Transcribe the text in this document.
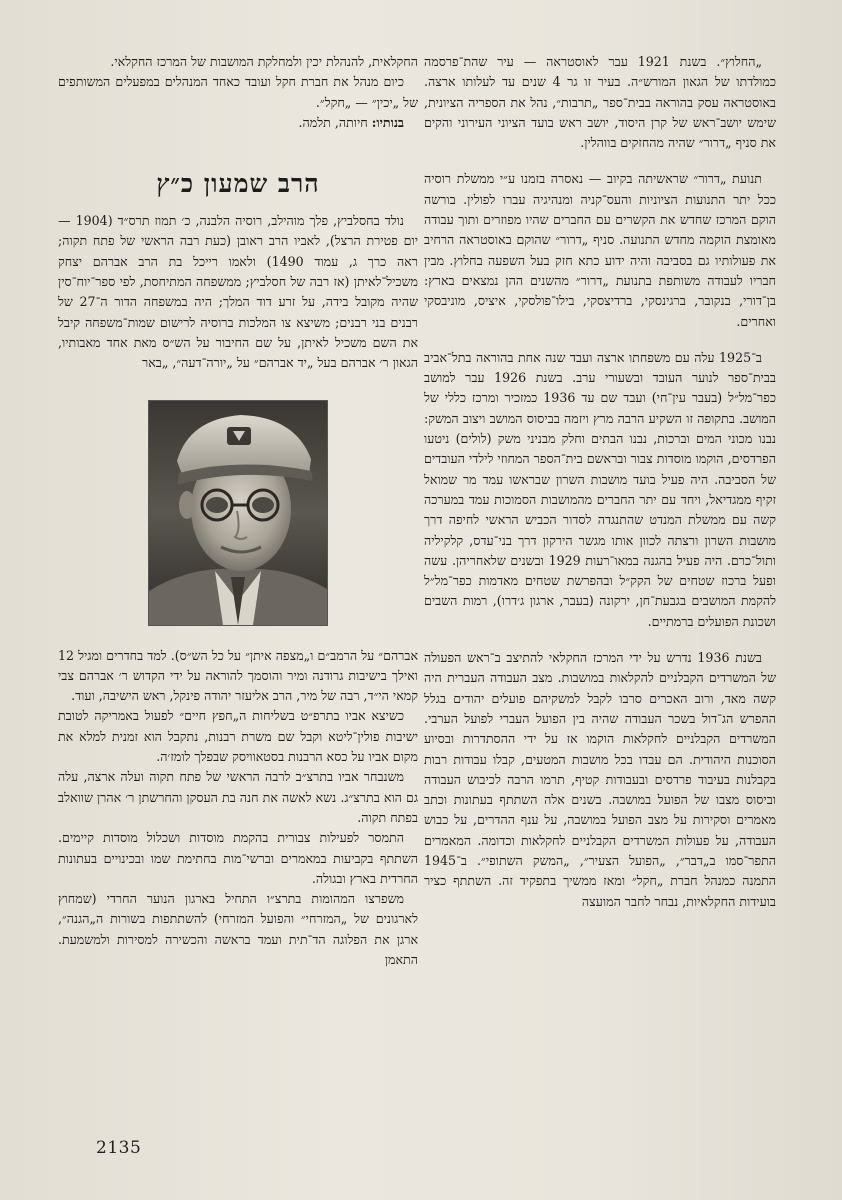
„החלוץ״. בשנת 1921 עבר לאוסטראה — עיר שהת־פרסמה כמולדתו של הגאון המורש״ה. בעיר זו גר 4 שנים עד לעלותו ארצה. באוסטראה עסק בהוראה בבית־ספר „תרבות״, נהל את הספריה הציונית, שימש יושב־ראש של קרן היסוד, יושב ראש בועד הציוני העירוני והקים את סניף „דרור״ שהיה מהחזקים בווהלין.

תנועת „דרור״ שראשיתה בקיוב — נאסרה בזמנו ע״י ממשלת רוסיה ככל יתר התנועות הציוניות והעס־קניה ומנהיגיה עברו לפולין. בורשה הוקם המרכז שחדש את הקשרים עם החברים שהיו מפוזרים ותוך עבודה מאומצת הוקמה מחדש התנועה. סניף „דרור״ שהוקם באוסטראה הרחיב את פעולותיו גם בסביבה והיה ידוע כתא חזק בעל השפעה בחלוץ. מבין חבריו לעבודה משותפת בתנועת „דרור״ מהשנים ההן נמצאים בארץ: בן־דורי, בנקובר, ברגינסקי, ברדיצסקי, בילו־פולסקי, איציס, מוניבסקי ואחרים.

ב־1925 עלה עם משפחתו ארצה ועבד שנה אחת בהוראה בתל־אביב בבית־ספר לנוער העובד ובשעורי ערב. בשנת 1926 עבר למושב כפר־מל״ל (בעבר עין־חי) ועבד שם עד 1936 כמזכיר ומרכז כללי של המושב. בתקופה זו השקיע הרבה מרץ ויזמה בביסוס המושב ויצוב המשק: נבנו מכוני המים וברכות, נבנו הבתים וחלק מבניני משק (לולים) ניטעו הפרדסים, הוקמו מוסדות צבור ובראשם בית־הספר המחוזי לילדי העובדים של הסביבה. היה פעיל בועד מושבות השרון שבראשו עמד מר שמואל זקיף ממגדיאל, ויחד עם יתר החברים מהמושבות הסמוכות עמד במערכה קשה עם ממשלת המנדט שהתנגדה לסדור הכביש הראשי לחיפה דרך מושבות השרון ורצתה לכוון אותו מגשר הירקון דרך בני־עדס, קלקיליה ותול־כרם. היה פעיל בהגנה במאו־רעות 1929 ובשנים שלאחריהן. עשה ופעל ברכוז שטחים של הקק״ל ובהפרשת שטחים מאדמות כפר־מל״ל להקמת המושבים בגבעת־חן, ירקונה (בעבר, ארגון ג׳דרו), רמות השבים ושכונת הפועלים ברמתיים.

בשנת 1936 נדרש על ידי המרכז החקלאי להתיצב ב־ראש הפעולה של המשרדים הקבלניים להקלאות במושבות. מצב העבודה העברית היה קשה מאד, ורוב האכרים סרבו לקבל למשקיהם פועלים יהודים בגלל ההפרש הג־דול בשכר העבודה שהיה בין הפועל העברי לפועל הערבי. המשרדים הקבלניים לחקלאות הוקמו אז על ידי ההסתדרות ובסיוע הסוכנות היהודית. הם עבדו בכל מושבות המטעים, קבלו עבודות רבות בקבלנות בעיבוד פרדסים ובעבודות קטיף, תרמו הרבה לכיבוש העבודה וביסוס מצבו של הפועל במושבה. בשנים אלה השתתף בעתונות וכתב מאמרים וסקירות על מצב הפועל במושבה, על ענף ההדרים, על כבוש העבודה, על פעולות המשרדים הקבלניים לחקלאות וכדומה. המאמרים התפר־סמו ב„דבר״, „הפועל הצעיר״, „המשק השתופי״. ב־1945 התמנה כמנהל חברת „חקל״ ומאז ממשיך בתפקיד זה. השתתף כציר בועידות החקלאיות, נבחר לחבר המועצה

החקלאית, להנהלת יכין ולמחלקת המושבות של המרכז החקלאי.

כיום מנהל את חברת חקל ועובד כאחד המנהלים במפעלים המשותפים של „יכין״ — „חקל״.

בנותיו: חיותה, תלמה.

הרב שמעון כ״ץ

נולד בחסלביץ, פלך מוהילב, רוסיה הלבנה, כ׳ תמוז תרס״ד (1904 — יום פטירת הרצל), לאביו הרב ראובן (כעת רבה הראשי של פתח תקוה; ראה כרך ג, עמוד 1490) ולאמו רייכל בת הרב אברהם יצחק משכיל־לאיתן (אז רבה של חסלביץ; ממשפחה המתיחסת, לפי ספר־יוח־סין שהיה מקובל בידה, על זרע דוד המלך; היה במשפחה הדור ה־27 של רבנים בני רבנים; משיצא צו המלכות ברוסיה לרישום שמות־משפחה קיבל את השם משכיל לאיתן, על שם החיבור על הש״ס מאת אחד מאבותיו, הגאון ר׳ אברהם בעל „יד אברהם״ על „יורה־דעה״, „באר

אברהם״ על הרמב״ם ו„מצפה איתן״ על כל הש״ס). למד בחדרים ומגיל 12 ואילך בישיבות גרודנה ומיר והוסמך להוראה על ידי הקדוש ר׳ אברהם צבי קמאי הי״ד, רבה של מיר, הרב אליעזר יהודה פינקל, ראש הישיבה, ועוד.

כשיצא אביו בתרפ״ט בשליחות ה„חפץ חיים״ לפעול באמריקה לטובת ישיבות פולין־ליטא וקבל שם משרת רבנות, נתקבל הוא זמנית למלא את מקום אביו על כסא הרבנות בסטאוויסק שבפלך לומז׳ה.

משנבחר אביו בתרצ״ב לרבה הראשי של פתח תקוה ועלה ארצה, עלה גם הוא בתרצ״ג. נשא לאשה את חנה בת העסקן והחרשתן ר׳ אהרן שוואלב בפתח תקוה.

התמסר לפעילות צבורית בהקמת מוסדות ושכלול מוסדות קיימים. השתתף בקביעות במאמרים וברשי־מות בחתימת שמו ובכינויים בעתונות החרדית בארץ ובגולה.

משפרצו המהומות בתרצ״ו התחיל בארגון הנוער החרדי (שמחוץ לארגונים של „המזרחי״ והפועל המזרחי) להשתתפות בשורות ה„הגנה״, ארגן את הפלוגה הד־תית ועמד בראשה והכשירה למסירות ולמשמעת. התאמן

2135
